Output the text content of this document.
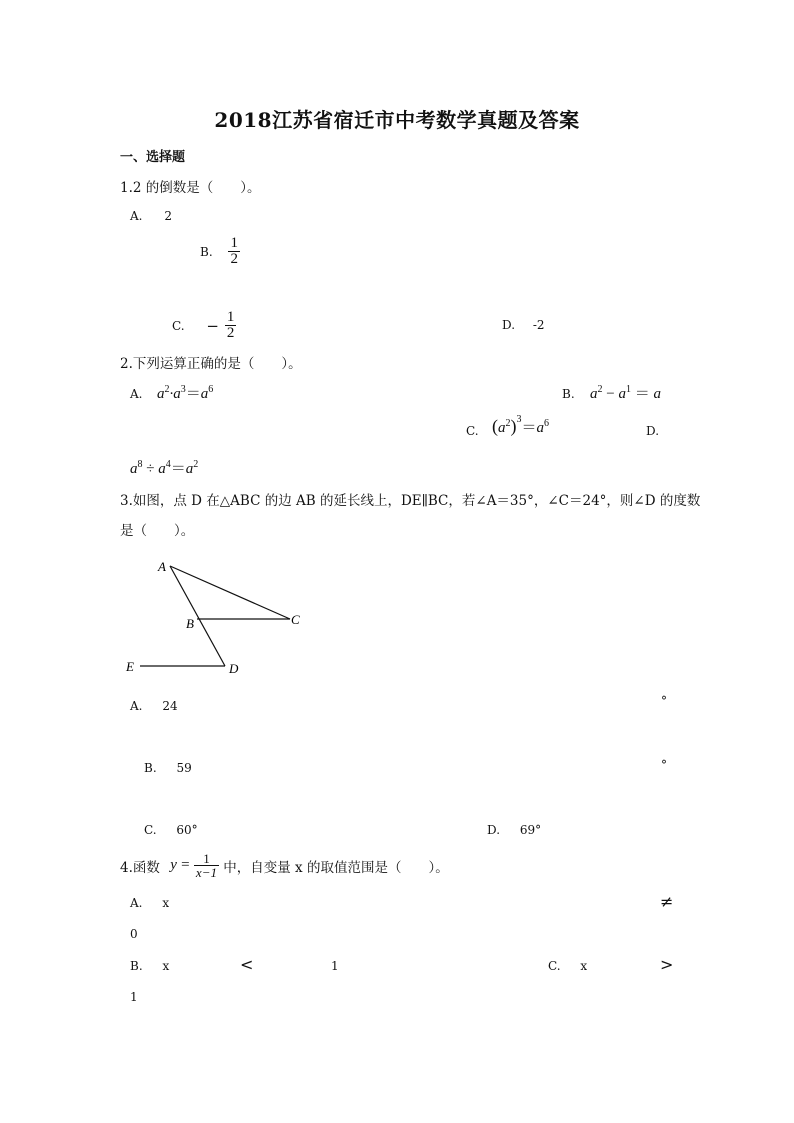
2018江苏省宿迁市中考数学真题及答案
一、选择题
1.2 的倒数是（　　）。
A. 2
B. $\frac{1}{2}$
C. − $\frac{1}{2}$	D. -2
2.下列运算正确的是（　　）。
A. $a^2\cdot a^3=a^6$	B. $a^2 - a^1 = a$
C. $(a^2)^3=a^6$
D.
$a^8 \div a^4=a^2$
3.如图，点 D 在△ABC 的边 AB 的延长线上，DE∥BC，若∠A＝35°，∠C＝24°，则∠D 的度数
是（　　）。
A
B	C
D
E
A. 24	°
B. 59	°
C. 60°	D. 69°
4.函数 $y = \frac{1}{x-1}$ 中，自变量 x 的取值范围是（　　）。
A. x	≠
0
B. x	<	1	C. x	>
1
